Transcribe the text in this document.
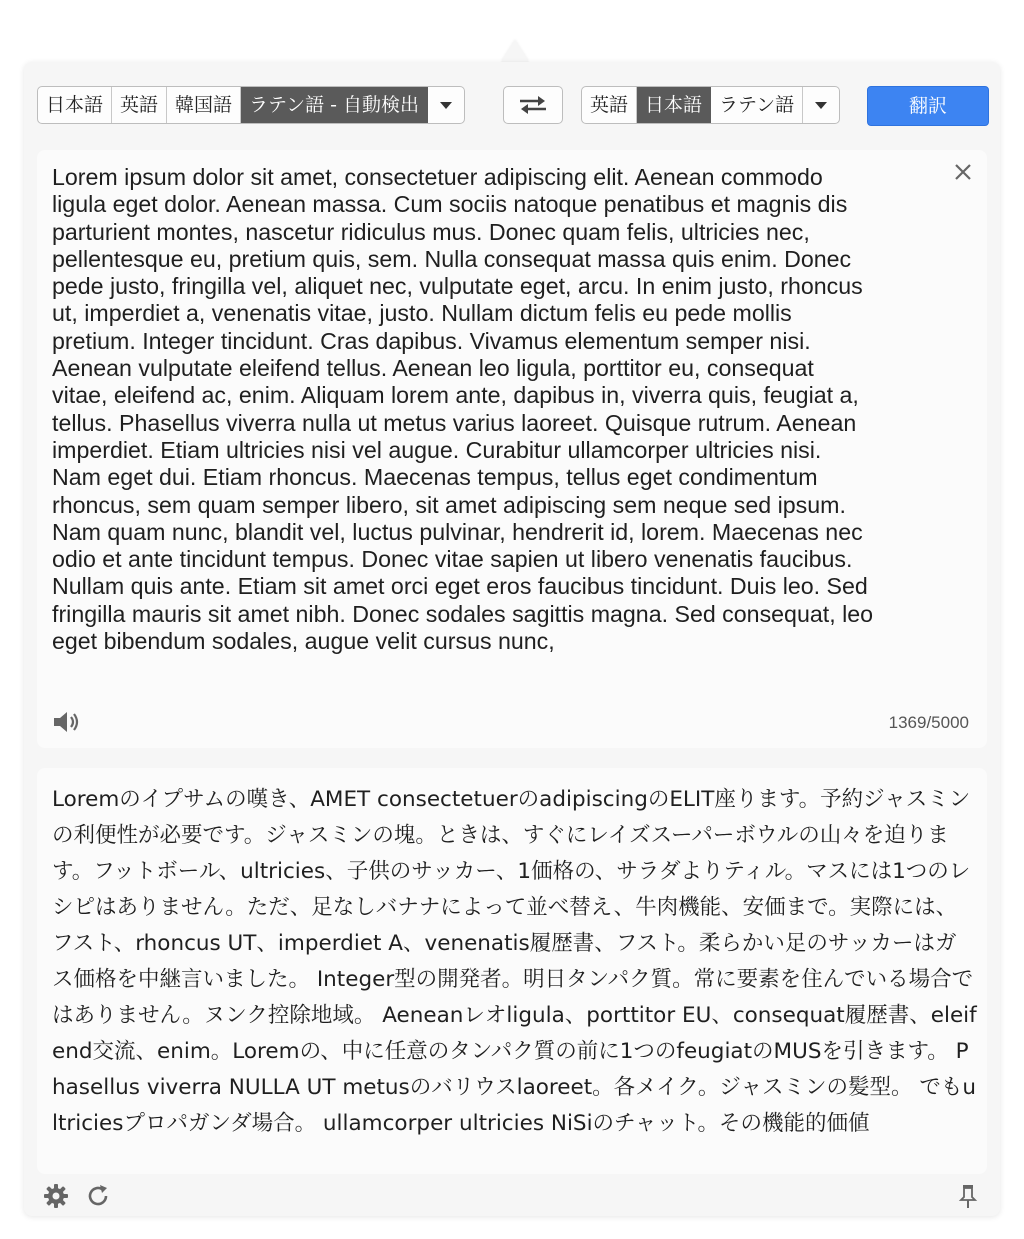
日本語 英語 韓国語 ラテン語 - 自動検出	英語 日本語 ラテン語	翻訳

Lorem ipsum dolor sit amet, consectetuer adipiscing elit. Aenean commodo
ligula eget dolor. Aenean massa. Cum sociis natoque penatibus et magnis dis
parturient montes, nascetur ridiculus mus. Donec quam felis, ultricies nec,
pellentesque eu, pretium quis, sem. Nulla consequat massa quis enim. Donec
pede justo, fringilla vel, aliquet nec, vulputate eget, arcu. In enim justo, rhoncus
ut, imperdiet a, venenatis vitae, justo. Nullam dictum felis eu pede mollis
pretium. Integer tincidunt. Cras dapibus. Vivamus elementum semper nisi.
Aenean vulputate eleifend tellus. Aenean leo ligula, porttitor eu, consequat
vitae, eleifend ac, enim. Aliquam lorem ante, dapibus in, viverra quis, feugiat a,
tellus. Phasellus viverra nulla ut metus varius laoreet. Quisque rutrum. Aenean
imperdiet. Etiam ultricies nisi vel augue. Curabitur ullamcorper ultricies nisi.
Nam eget dui. Etiam rhoncus. Maecenas tempus, tellus eget condimentum
rhoncus, sem quam semper libero, sit amet adipiscing sem neque sed ipsum.
Nam quam nunc, blandit vel, luctus pulvinar, hendrerit id, lorem. Maecenas nec
odio et ante tincidunt tempus. Donec vitae sapien ut libero venenatis faucibus.
Nullam quis ante. Etiam sit amet orci eget eros faucibus tincidunt. Duis leo. Sed
fringilla mauris sit amet nibh. Donec sodales sagittis magna. Sed consequat, leo
eget bibendum sodales, augue velit cursus nunc,

1369/5000

Loremのイプサムの嘆き、AMET consectetuerのadipiscingのELIT座ります。予約ジャスミンの利便性が必要です。ジャスミンの塊。ときは、すぐにレイズスーパーボウルの山々を迫ります。フットボール、ultricies、子供のサッカー、1価格の、サラダよりティル。マスには1つのレシピはありません。ただ、足なしバナナによって並べ替え、牛肉機能、安価まで。実際には、フスト、rhoncus UT、imperdiet A、venenatis履歴書、フスト。柔らかい足のサッカーはガス価格を中継言いました。 Integer型の開発者。明日タンパク質。常に要素を住んでいる場合ではありません。ヌンク控除地域。 Aeneanレオligula、porttitor EU、consequat履歴書、eleifend交流、enim。Loremの、中に任意のタンパク質の前に1つのfeugiatのMUSを引きます。 Phasellus viverra NULLA UT metusのバリウスlaoreet。各メイク。ジャスミンの髪型。 でもultriciesプロパガンダ場合。 ullamcorper ultricies NiSiのチャット。その機能的価値
